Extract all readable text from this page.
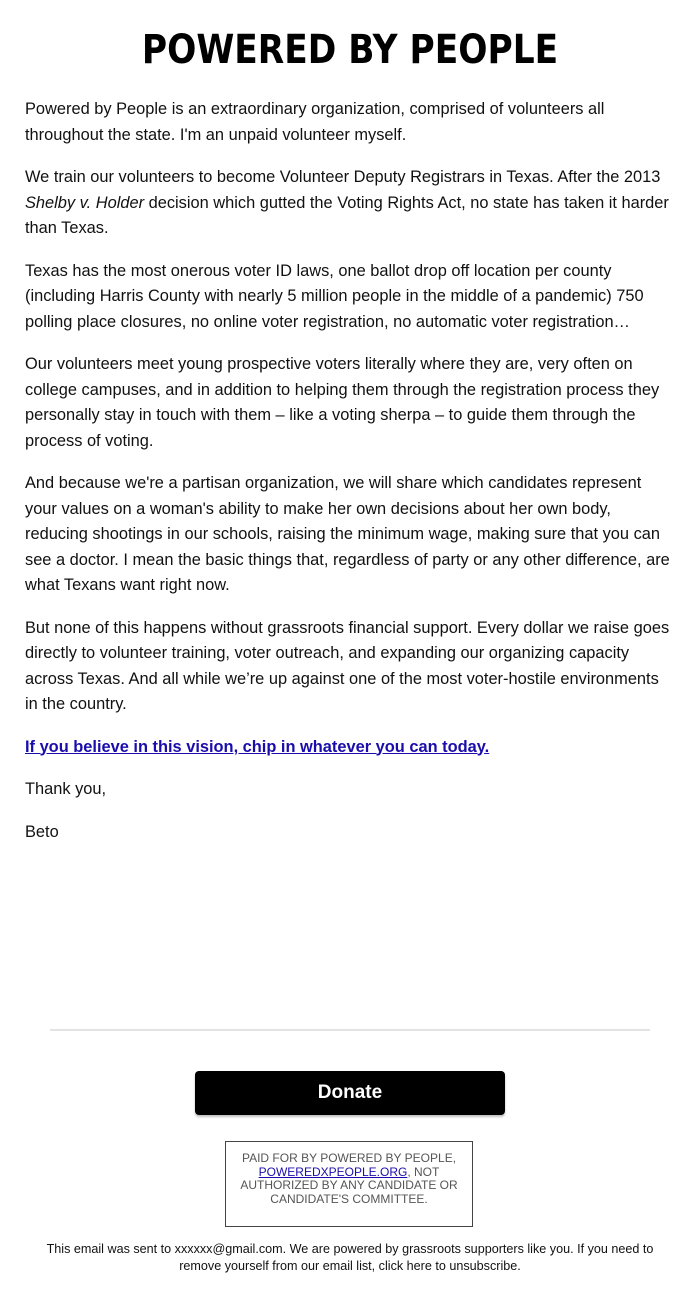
POWERED BY PEOPLE

Powered by People is an extraordinary organization, comprised of volunteers all throughout the state. I'm an unpaid volunteer myself.

We train our volunteers to become Volunteer Deputy Registrars in Texas. After the 2013 Shelby v. Holder decision which gutted the Voting Rights Act, no state has taken it harder than Texas.

Texas has the most onerous voter ID laws, one ballot drop off location per county (including Harris County with nearly 5 million people in the middle of a pandemic) 750 polling place closures, no online voter registration, no automatic voter registration…

Our volunteers meet young prospective voters literally where they are, very often on college campuses, and in addition to helping them through the registration process they personally stay in touch with them – like a voting sherpa – to guide them through the process of voting.

And because we're a partisan organization, we will share which candidates represent your values on a woman's ability to make her own decisions about her own body, reducing shootings in our schools, raising the minimum wage, making sure that you can see a doctor. I mean the basic things that, regardless of party or any other difference, are what Texans want right now.

But none of this happens without grassroots financial support. Every dollar we raise goes directly to volunteer training, voter outreach, and expanding our organizing capacity across Texas. And all while we’re up against one of the most voter-hostile environments in the country.

If you believe in this vision, chip in whatever you can today.

Thank you,

Beto

Donate
PAID FOR BY POWERED BY PEOPLE, POWEREDXPEOPLE.ORG, NOT AUTHORIZED BY ANY CANDIDATE OR CANDIDATE'S COMMITTEE.
This email was sent to xxxxxx@gmail.com. We are powered by grassroots supporters like you. If you need to remove yourself from our email list, click here to unsubscribe.
